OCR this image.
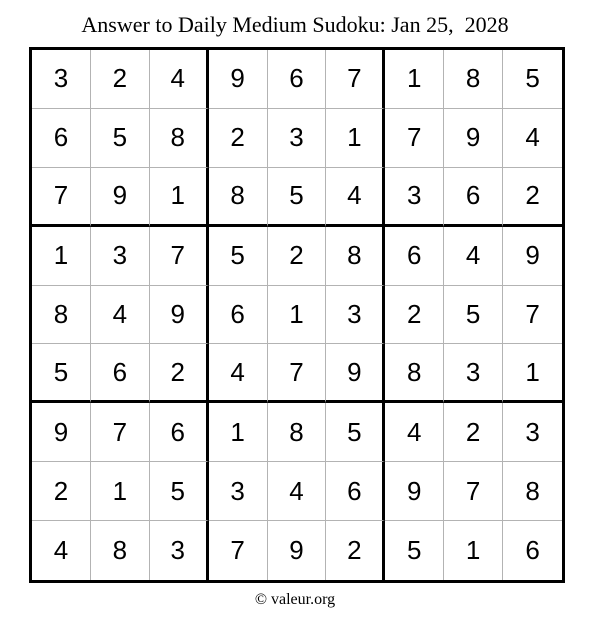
Answer to Daily Medium Sudoku: Jan 25,  2028
3	2	4	9	6	7	1	8	5
6	5	8	2	3	1	7	9	4
7	9	1	8	5	4	3	6	2
1	3	7	5	2	8	6	4	9
8	4	9	6	1	3	2	5	7
5	6	2	4	7	9	8	3	1
9	7	6	1	8	5	4	2	3
2	1	5	3	4	6	9	7	8
4	8	3	7	9	2	5	1	6
© valeur.org
